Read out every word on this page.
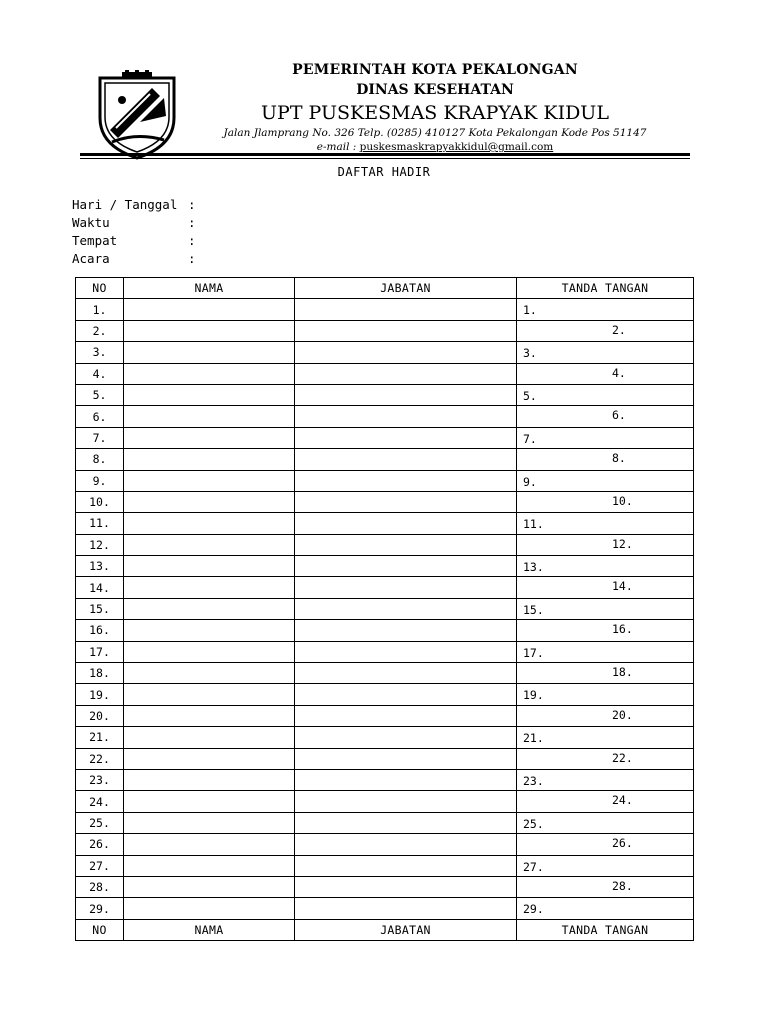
PEMERINTAH KOTA PEKALONGAN
DINAS KESEHATAN
UPT PUSKESMAS KRAPYAK KIDUL
Jalan Jlamprang No. 326 Telp. (0285) 410127 Kota Pekalongan Kode Pos 51147
e-mail : puskesmaskrapyakkidul@gmail.com
DAFTAR HADIR
Hari / Tanggal :
Waktu	:
Tempat	:
Acara	:
NO	NAMA	JABATAN	TANDA TANGAN
1.			1.

2.			2.

3.			3.

4.			4.

5.			5.

6.			6.

7.			7.

8.			8.

9.			9.

10.			10.

11.			11.

12.			12.

13.			13.

14.			14.

15.			15.

16.			16.

17.			17.

18.			18.

19.			19.

20.			20.

21.			21.

22.			22.

23.			23.

24.			24.

25.			25.

26.			26.

27.			27.

28.			28.

29.			29.

NO	NAMA	JABATAN	TANDA TANGAN
